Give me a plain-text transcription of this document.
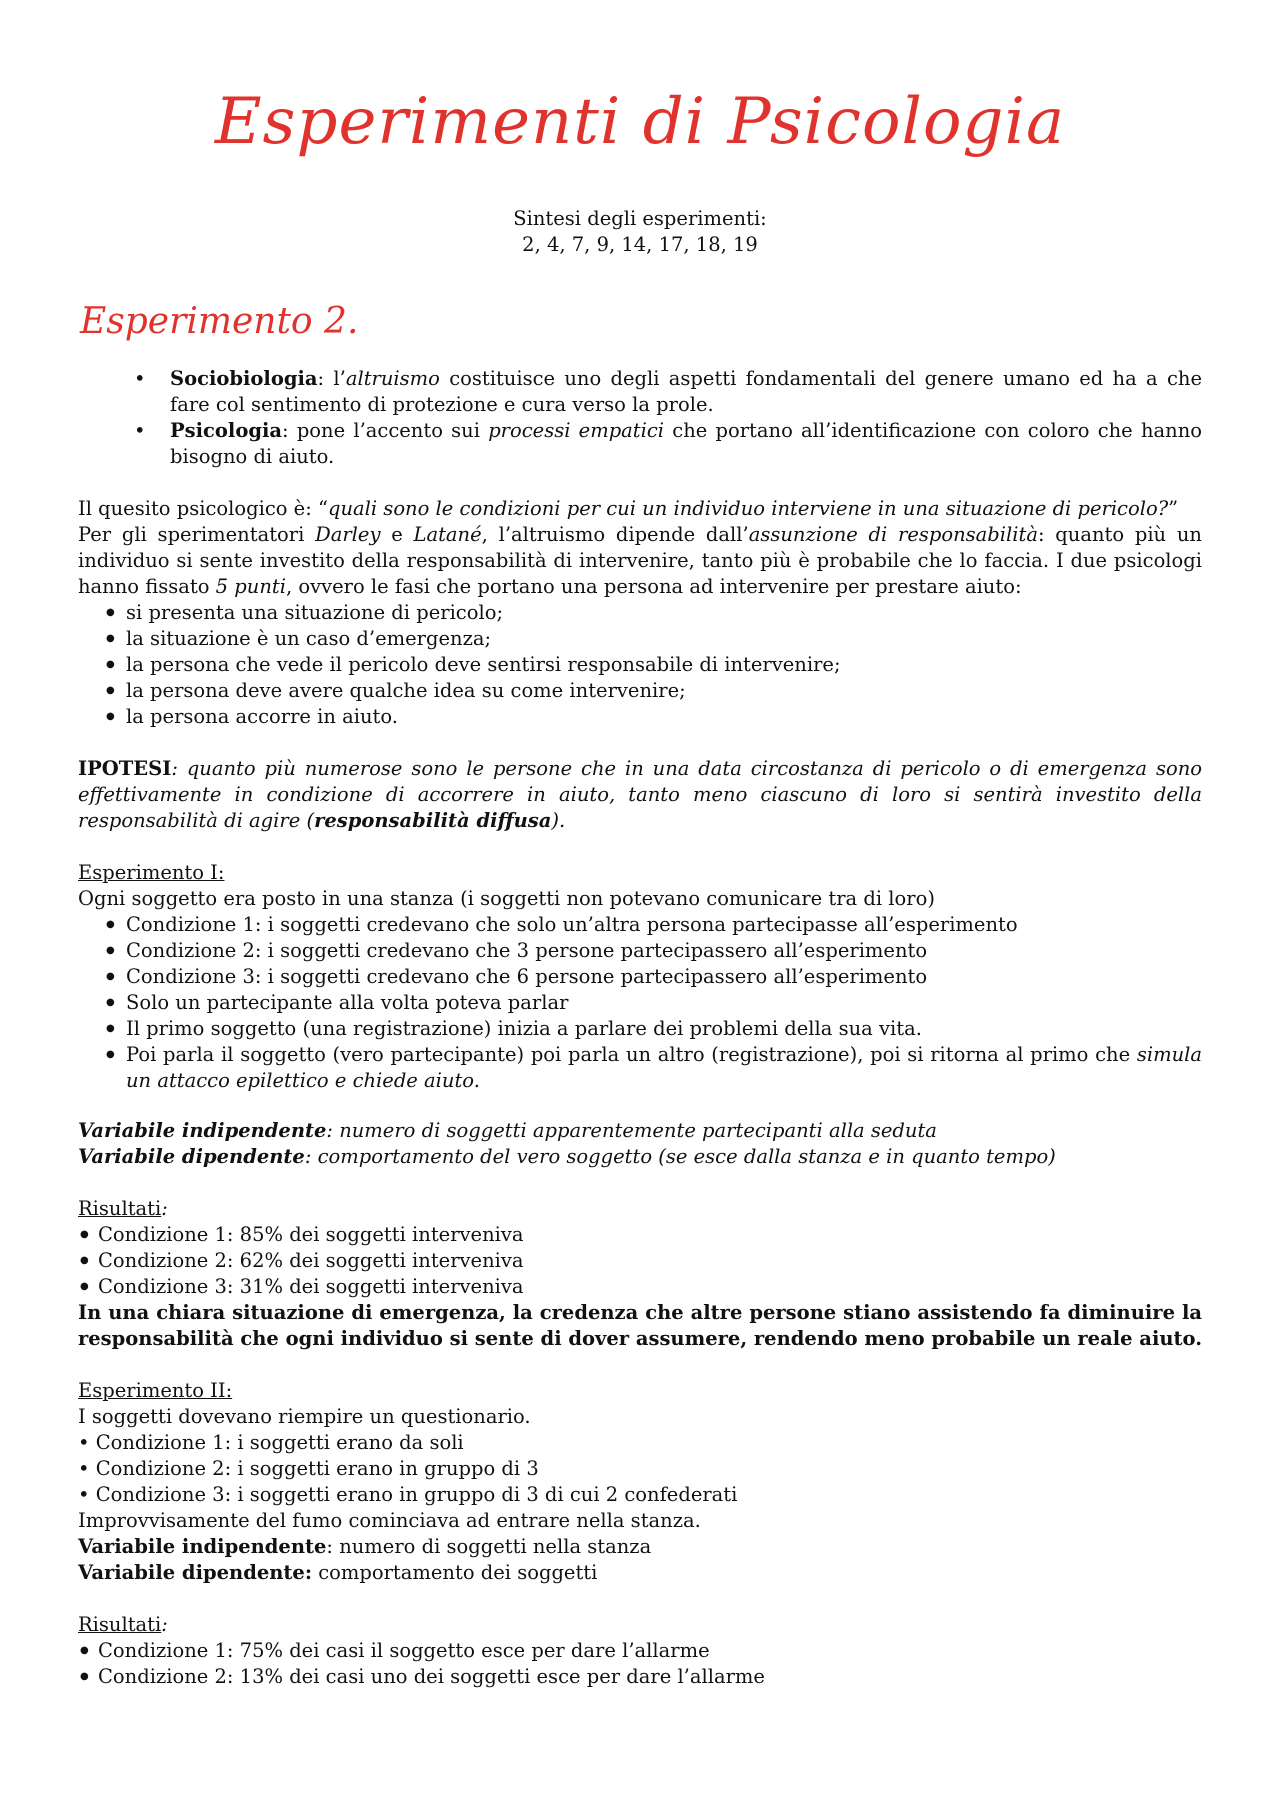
Esperimenti di Psicologia
Sintesi degli esperimenti:
2, 4, 7, 9, 14, 17, 18, 19
Esperimento 2.
• Sociobiologia: l’altruismo costituisce uno degli aspetti fondamentali del genere umano ed ha a che fare col sentimento di protezione e cura verso la prole.
• Psicologia: pone l’accento sui processi empatici che portano all’identificazione con coloro che hanno bisogno di aiuto.

Il quesito psicologico è: “quali sono le condizioni per cui un individuo interviene in una situazione di pericolo?”

Per gli sperimentatori Darley e Latané, l’altruismo dipende dall’assunzione di responsabilità: quanto più un individuo si sente investito della responsabilità di intervenire, tanto più è probabile che lo faccia. I due psicologi hanno fissato 5 punti, ovvero le fasi che portano una persona ad intervenire per prestare aiuto:

● si presenta una situazione di pericolo;
● la situazione è un caso d’emergenza;
● la persona che vede il pericolo deve sentirsi responsabile di intervenire;
● la persona deve avere qualche idea su come intervenire;
● la persona accorre in aiuto.

IPOTESI: quanto più numerose sono le persone che in una data circostanza di pericolo o di emergenza sono effettivamente in condizione di accorrere in aiuto, tanto meno ciascuno di loro si sentirà investito della responsabilità di agire (responsabilità diffusa).

Esperimento I:

Ogni soggetto era posto in una stanza (i soggetti non potevano comunicare tra di loro)

● Condizione 1: i soggetti credevano che solo un’altra persona partecipasse all’esperimento
● Condizione 2: i soggetti credevano che 3 persone partecipassero all’esperimento
● Condizione 3: i soggetti credevano che 6 persone partecipassero all’esperimento
● Solo un partecipante alla volta poteva parlar
● Il primo soggetto (una registrazione) inizia a parlare dei problemi della sua vita.
● Poi parla il soggetto (vero partecipante) poi parla un altro (registrazione), poi si ritorna al primo che simula un attacco epilettico e chiede aiuto.

Variabile indipendente: numero di soggetti apparentemente partecipanti alla seduta

Variabile dipendente: comportamento del vero soggetto (se esce dalla stanza e in quanto tempo)

Risultati:

● Condizione 1: 85% dei soggetti interveniva
● Condizione 2: 62% dei soggetti interveniva
● Condizione 3: 31% dei soggetti interveniva

In una chiara situazione di emergenza, la credenza che altre persone stiano assistendo fa diminuire la responsabilità che ogni individuo si sente di dover assumere, rendendo meno probabile un reale aiuto.

Esperimento II:

I soggetti dovevano riempire un questionario.

• Condizione 1: i soggetti erano da soli
• Condizione 2: i soggetti erano in gruppo di 3
• Condizione 3: i soggetti erano in gruppo di 3 di cui 2 confederati

Improvvisamente del fumo cominciava ad entrare nella stanza.

Variabile indipendente: numero di soggetti nella stanza

Variabile dipendente: comportamento dei soggetti

Risultati:

● Condizione 1: 75% dei casi il soggetto esce per dare l’allarme
● Condizione 2: 13% dei casi uno dei soggetti esce per dare l’allarme
